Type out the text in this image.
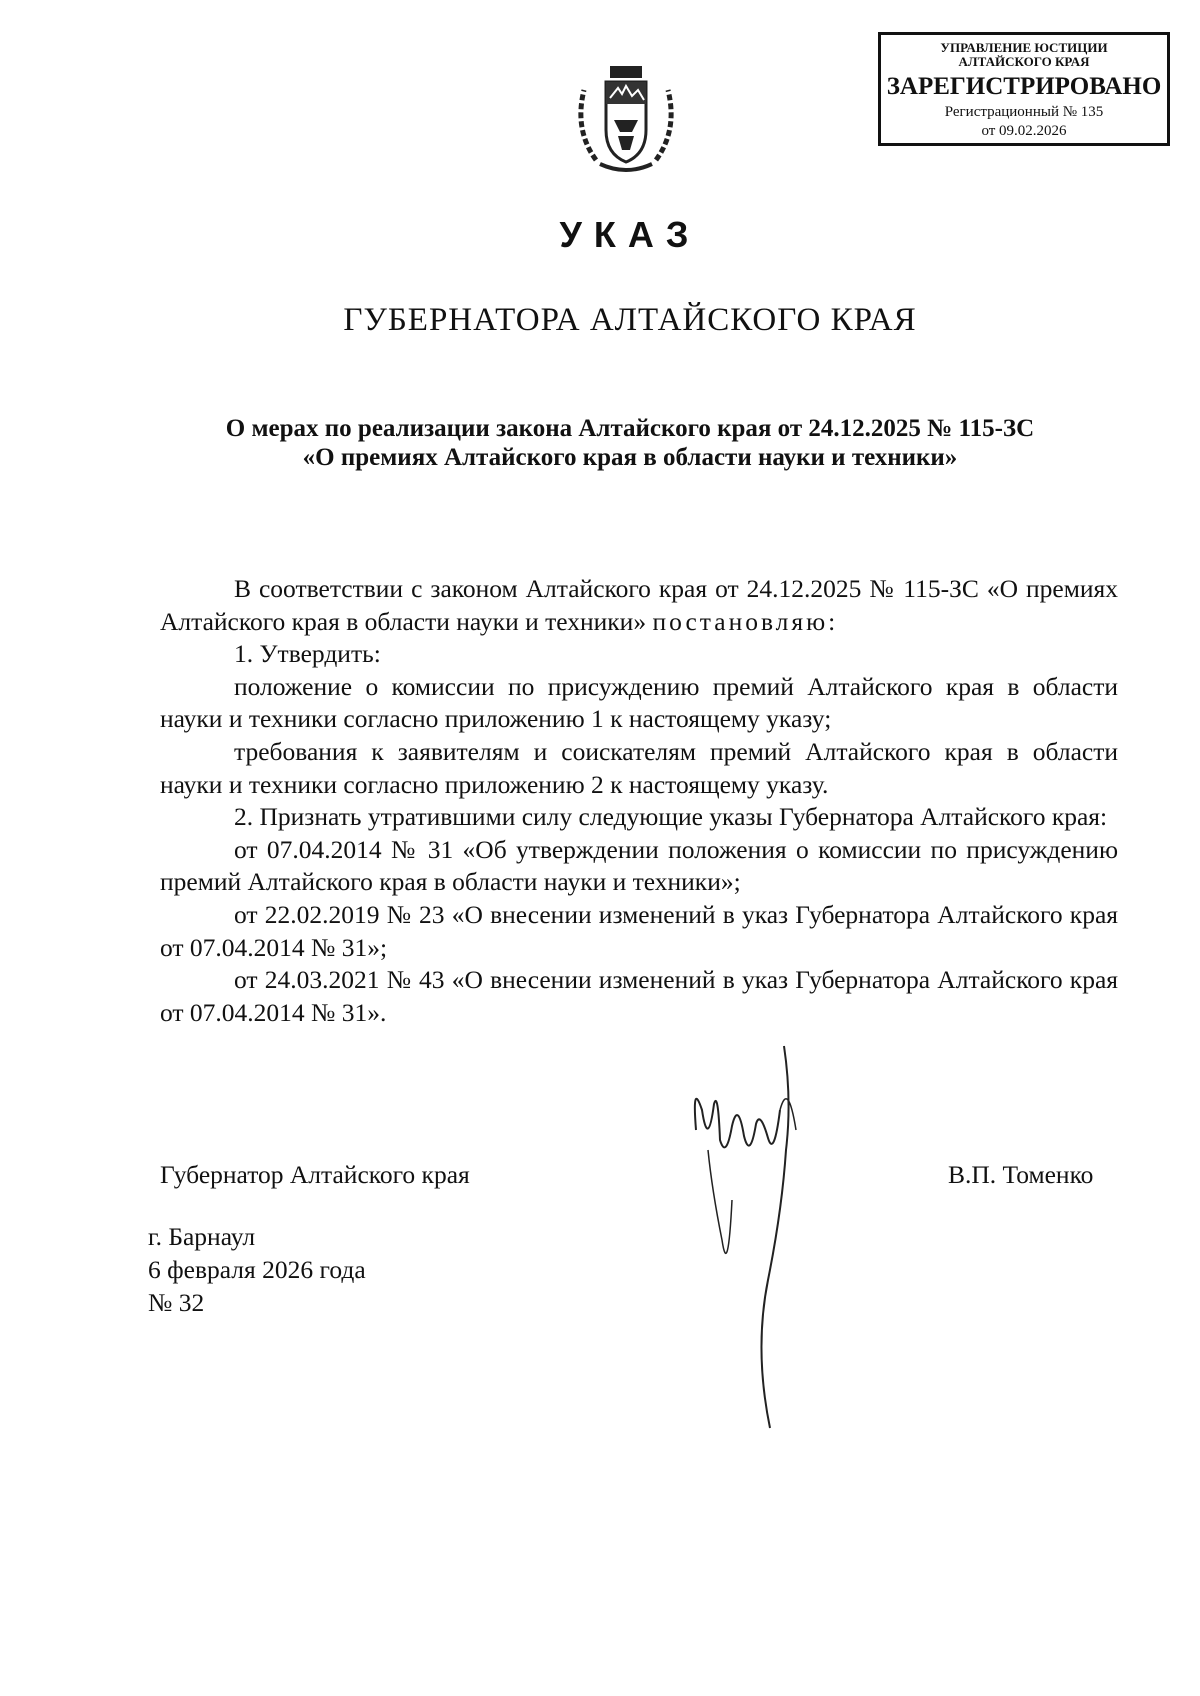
УПРАВЛЕНИЕ ЮСТИЦИИ
АЛТАЙСКОГО КРАЯ
ЗАРЕГИСТРИРОВАНО
Регистрационный № 135
от 09.02.2026
УКАЗ
ГУБЕРНАТОРА АЛТАЙСКОГО КРАЯ
О мерах по реализации закона Алтайского края от 24.12.2025 № 115-ЗС
«О премиях Алтайского края в области науки и техники»

В соответствии с законом Алтайского края от 24.12.2025 № 115-ЗС «О премиях Алтайского края в области науки и техники» постановляю:

1. Утвердить:

положение о комиссии по присуждению премий Алтайского края в области науки и техники согласно приложению 1 к настоящему указу;

требования к заявителям и соискателям премий Алтайского края в области науки и техники согласно приложению 2 к настоящему указу.

2. Признать утратившими силу следующие указы Губернатора Алтайского края:

от 07.04.2014 № 31 «Об утверждении положения о комиссии по присуждению премий Алтайского края в области науки и техники»;

от 22.02.2019 № 23 «О внесении изменений в указ Губернатора Алтайского края от 07.04.2014 № 31»;

от 24.03.2021 № 43 «О внесении изменений в указ Губернатора Алтайского края от 07.04.2014 № 31».

Губернатор Алтайского края	В.П. Томенко
г. Барнаул
6 февраля 2026 года
№ 32
